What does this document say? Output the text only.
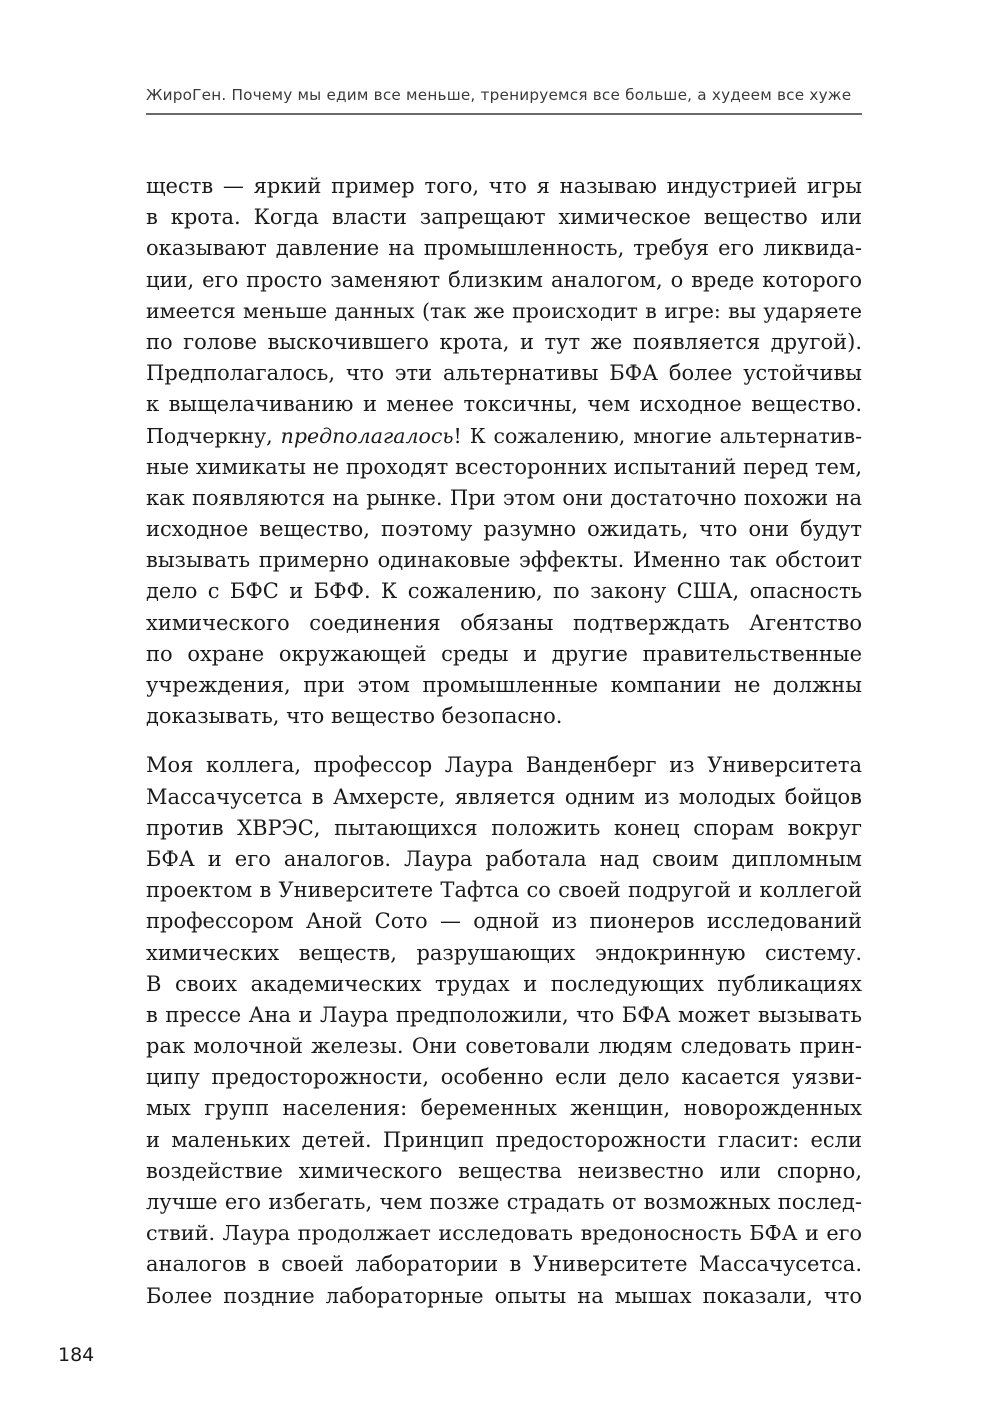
ЖироГен. Почему мы едим все меньше, тренируемся все больше, а худеем все хуже
ществ — яркий пример того, что я называю индустрией игры
в крота. Когда власти запрещают химическое вещество или
оказывают давление на промышленность, требуя его ликвида-
ции, его просто заменяют близким аналогом, о вреде которого
имеется меньше данных (так же происходит в игре: вы ударяете
по голове выскочившего крота, и тут же появляется другой).
Предполагалось, что эти альтернативы БФА более устойчивы
к выщелачиванию и менее токсичны, чем исходное вещество.
Подчеркну, предполагалось! К сожалению, многие альтернатив-
ные химикаты не проходят всесторонних испытаний перед тем,
как появляются на рынке. При этом они достаточно похожи на
исходное вещество, поэтому разумно ожидать, что они будут
вызывать примерно одинаковые эффекты. Именно так обстоит
дело с БФС и БФФ. К сожалению, по закону США, опасность
химического соединения обязаны подтверждать Агентство
по охране окружающей среды и другие правительственные
учреждения, при этом промышленные компании не должны
доказывать, что вещество безопасно.
Моя коллега, профессор Лаура Ванденберг из Университета
Массачусетса в Амхерсте, является одним из молодых бойцов
против ХВРЭС, пытающихся положить конец спорам вокруг
БФА и его аналогов. Лаура работала над своим дипломным
проектом в Университете Тафтса со своей подругой и коллегой
профессором Аной Сото — одной из пионеров исследований
химических веществ, разрушающих эндокринную систему.
В своих академических трудах и последующих публикациях
в прессе Ана и Лаура предположили, что БФА может вызывать
рак молочной железы. Они советовали людям следовать прин-
ципу предосторожности, особенно если дело касается уязви-
мых групп населения: беременных женщин, новорожденных
и маленьких детей. Принцип предосторожности гласит: если
воздействие химического вещества неизвестно или спорно,
лучше его избегать, чем позже страдать от возможных послед-
ствий. Лаура продолжает исследовать вредоносность БФА и его
аналогов в своей лаборатории в Университете Массачусетса.
Более поздние лабораторные опыты на мышах показали, что
184
